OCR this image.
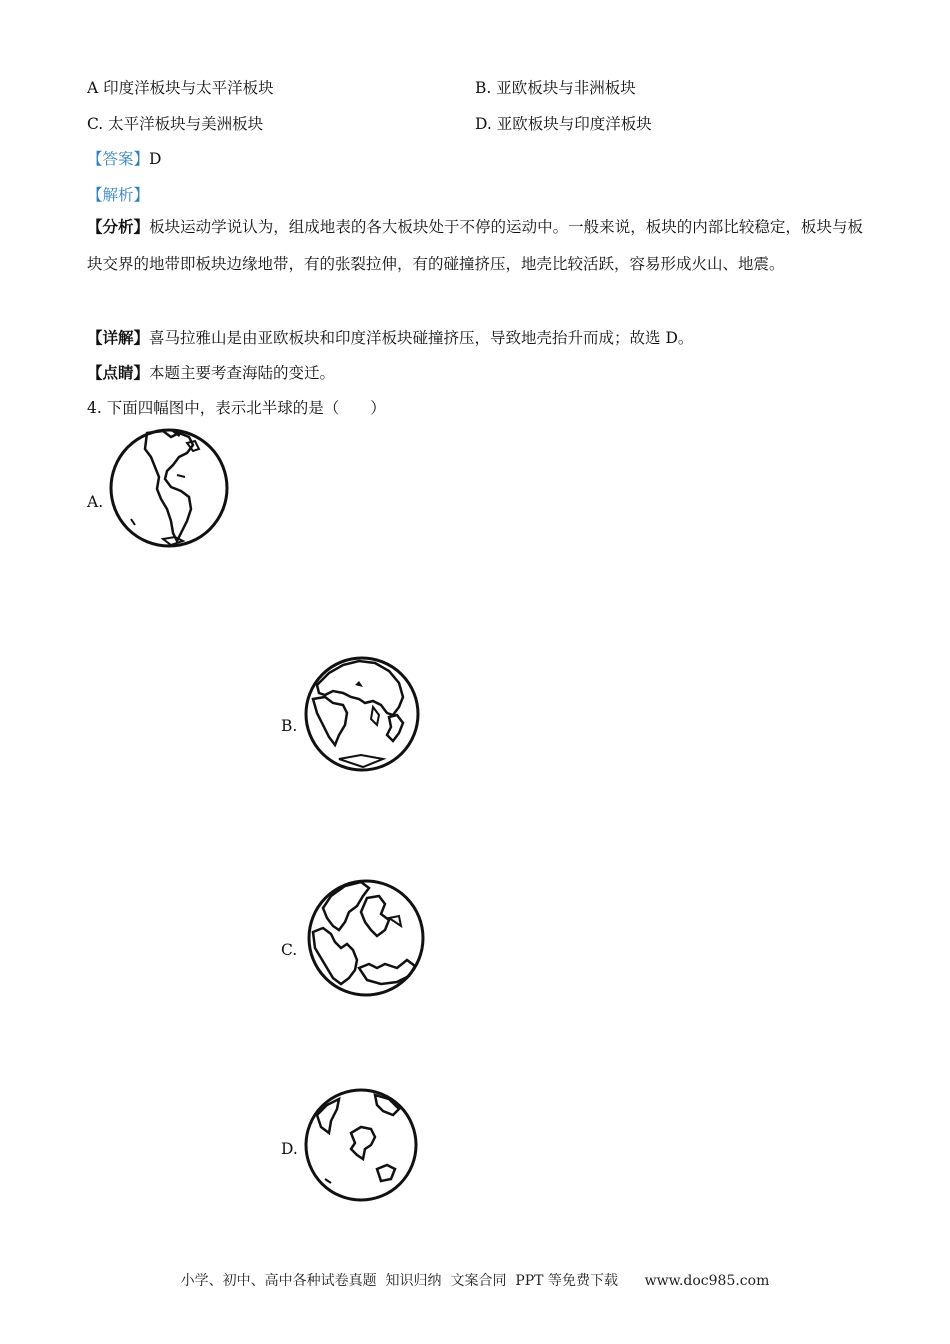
A 印度洋板块与太平洋板块	B. 亚欧板块与非洲板块
C. 太平洋板块与美洲板块	D. 亚欧板块与印度洋板块
【答案】D
【解析】
【分析】板块运动学说认为，组成地表的各大板块处于不停的运动中。一般来说，板块的内部比较稳定，板块与板块交界的地带即板块边缘地带，有的张裂拉伸，有的碰撞挤压，地壳比较活跃，容易形成火山、地震。
【详解】喜马拉雅山是由亚欧板块和印度洋板块碰撞挤压，导致地壳抬升而成；故选 D。
【点睛】本题主要考查海陆的变迁。
4. 下面四幅图中，表示北半球的是（　　）
A.
B.
C.
D.
小学、初中、高中各种试卷真题  知识归纳  文案合同  PPT 等免费下载      www.doc985.com
